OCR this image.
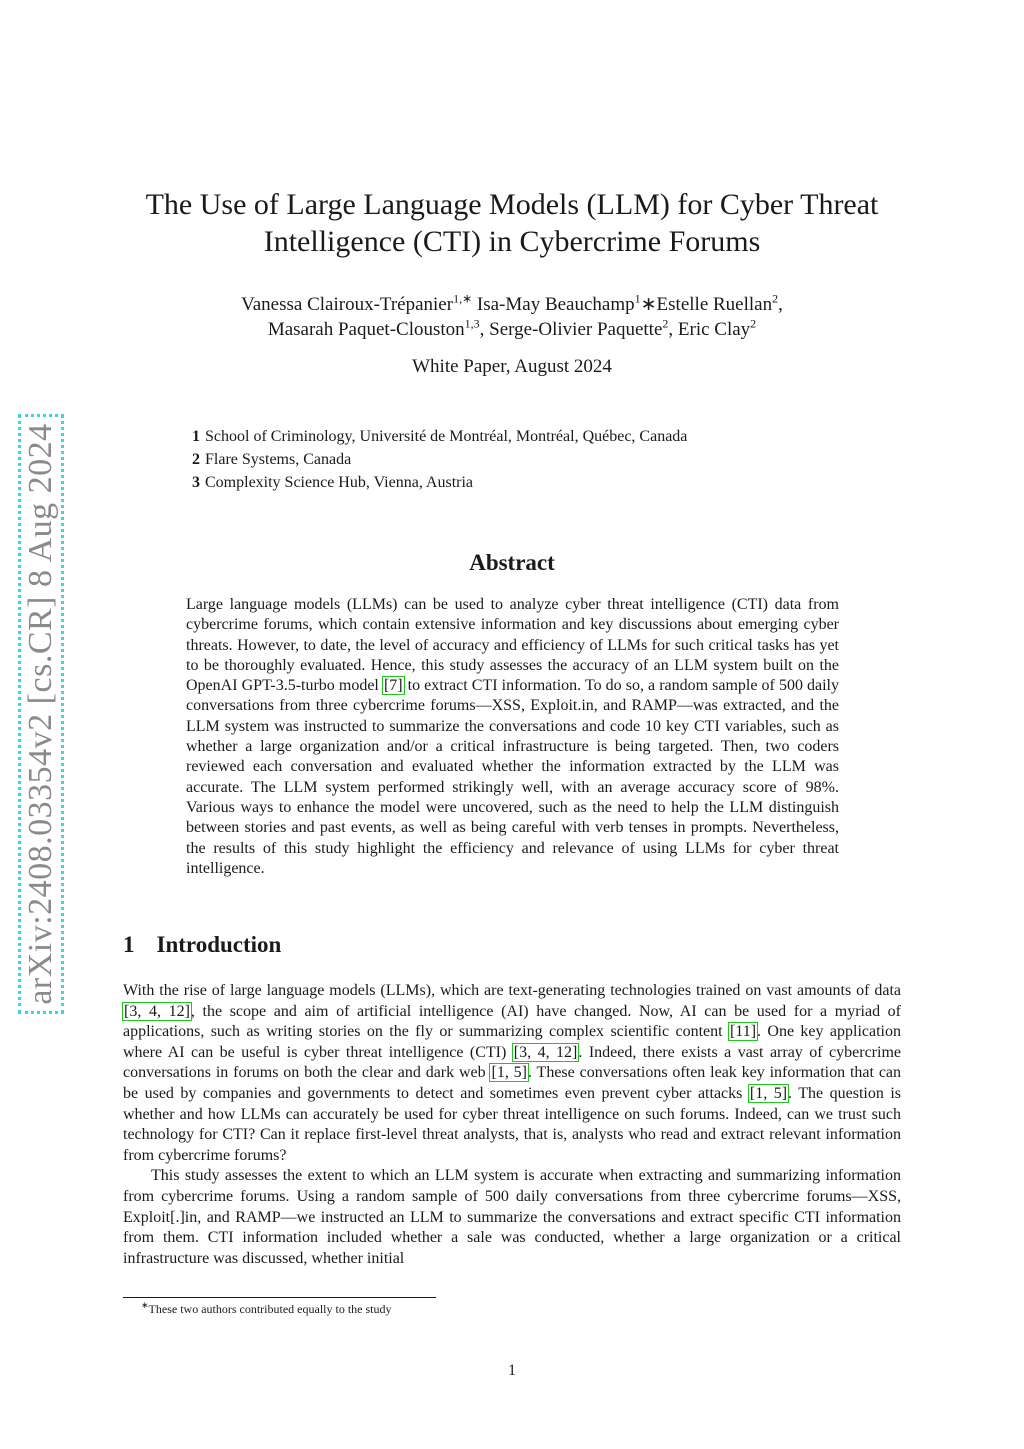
arXiv:2408.03354v2 [cs.CR] 8 Aug 2024
The Use of Large Language Models (LLM) for Cyber Threat
Intelligence (CTI) in Cybercrime Forums
Vanessa Clairoux-Trépanier$^{1,∗}$ Isa-May Beauchamp$^1$∗Estelle Ruellan$^2$,
Masarah Paquet-Clouston$^{1,3}$, Serge-Olivier Paquette$^2$, Eric Clay$^2$
White Paper, August 2024
1 School of Criminology, Université de Montréal, Montréal, Québec, Canada
2 Flare Systems, Canada
3 Complexity Science Hub, Vienna, Austria
Abstract
Large language models (LLMs) can be used to analyze cyber threat intelligence (CTI) data from cybercrime forums, which contain extensive information and key discussions about emerging cyber threats. However, to date, the level of accuracy and efficiency of LLMs for such critical tasks has yet to be thoroughly evaluated. Hence, this study assesses the accuracy of an LLM system built on the OpenAI GPT-3.5-turbo model [7] to extract CTI information. To do so, a random sample of 500 daily conversations from three cybercrime forums—XSS, Exploit.in, and RAMP—was extracted, and the LLM system was instructed to summarize the conversations and code 10 key CTI variables, such as whether a large organization and/or a critical infrastructure is being targeted. Then, two coders reviewed each conversation and evaluated whether the information extracted by the LLM was accurate. The LLM system performed strikingly well, with an average accuracy score of 98%. Various ways to enhance the model were uncovered, such as the need to help the LLM distinguish between stories and past events, as well as being careful with verb tenses in prompts. Nevertheless, the results of this study highlight the efficiency and relevance of using LLMs for cyber threat intelligence.
1 Introduction

With the rise of large language models (LLMs), which are text-generating technologies trained on vast amounts of data [3, 4, 12], the scope and aim of artificial intelligence (AI) have changed. Now, AI can be used for a myriad of applications, such as writing stories on the fly or summarizing complex scientific content [11]. One key application where AI can be useful is cyber threat intelligence (CTI) [3, 4, 12]. Indeed, there exists a vast array of cybercrime conversations in forums on both the clear and dark web [1, 5]. These conversations often leak key information that can be used by companies and governments to detect and sometimes even prevent cyber attacks [1, 5]. The question is whether and how LLMs can accurately be used for cyber threat intelligence on such forums. Indeed, can we trust such technology for CTI? Can it replace first-level threat analysts, that is, analysts who read and extract relevant information from cybercrime forums?

This study assesses the extent to which an LLM system is accurate when extracting and summarizing information from cybercrime forums. Using a random sample of 500 daily conversations from three cybercrime forums—XSS, Exploit[.]in, and RAMP—we instructed an LLM to summarize the conversations and extract specific CTI information from them. CTI information included whether a sale was conducted, whether a large organization or a critical infrastructure was discussed, whether initial

∗These two authors contributed equally to the study
1
